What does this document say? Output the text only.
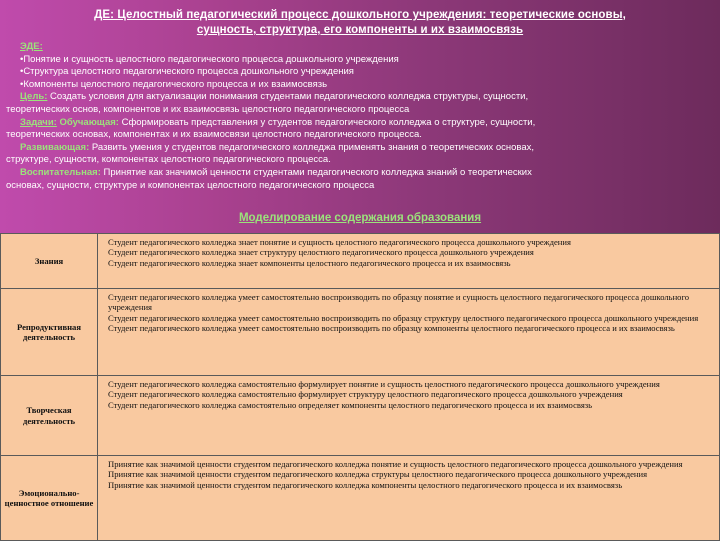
ДЕ: Целостный педагогический процесс дошкольного учреждения: теоретические основы,
сущность, структура, его компоненты и их взаимосвязь
ЭДЕ:
•Понятие и сущность целостного педагогического процесса дошкольного учреждения
•Структура целостного педагогического процесса дошкольного учреждения
•Компоненты целостного педагогического процесса и их взаимосвязь
Цель: Создать условия для актуализации понимания студентами педагогического колледжа структуры, сущности,
теоретических основ, компонентов и их взаимосвязь целостного педагогического процесса
Задачи: Обучающая: Сформировать представления у студентов педагогического колледжа о структуре, сущности,
теоретических основах, компонентах и их взаимосвязи целостного педагогического процесса.
Развивающая: Развить умения у студентов педагогического колледжа применять знания о теоретических основах,
структуре, сущности, компонентах целостного педагогического процесса.
Воспитательная: Принятие как значимой ценности студентами педагогического колледжа знаний о теоретических
основах, сущности, структуре и компонентах целостного педагогического процесса
Моделирование содержания образования
Знания	Студент педагогического колледжа знает понятие и сущность целостного педагогического процесса дошкольного учреждения
Студент педагогического колледжа знает структуру целостного педагогического процесса дошкольного учреждения
Студент педагогического колледжа знает компоненты целостного педагогического процесса и их взаимосвязь

Репродуктивная деятельность	Студент педагогического колледжа умеет самостоятельно воспроизводить по образцу понятие и сущность целостного педагогического процесса дошкольного учреждения
Студент педагогического колледжа умеет самостоятельно воспроизводить по образцу структуру целостного педагогического процесса дошкольного учреждения
Студент педагогического колледжа умеет самостоятельно воспроизводить по образцу компоненты целостного педагогического процесса и их взаимосвязь

Творческая деятельность	Студент педагогического колледжа самостоятельно формулирует понятие и сущность целостного педагогического процесса дошкольного учреждения
Студент педагогического колледжа самостоятельно формулирует структуру целостного педагогического процесса дошкольного учреждения
Студент педагогического колледжа самостоятельно определяет компоненты целостного педагогического процесса и их взаимосвязь

Эмоционально-ценностное отношение	Принятие как значимой ценности студентом педагогического колледжа понятие и сущность целостного педагогического процесса дошкольного учреждения
Принятие как значимой ценности студентом педагогического колледжа структуры целостного педагогического процесса дошкольного учреждения
Принятие как значимой ценности студентом педагогического колледжа компоненты целостного педагогического процесса и их взаимосвязь
